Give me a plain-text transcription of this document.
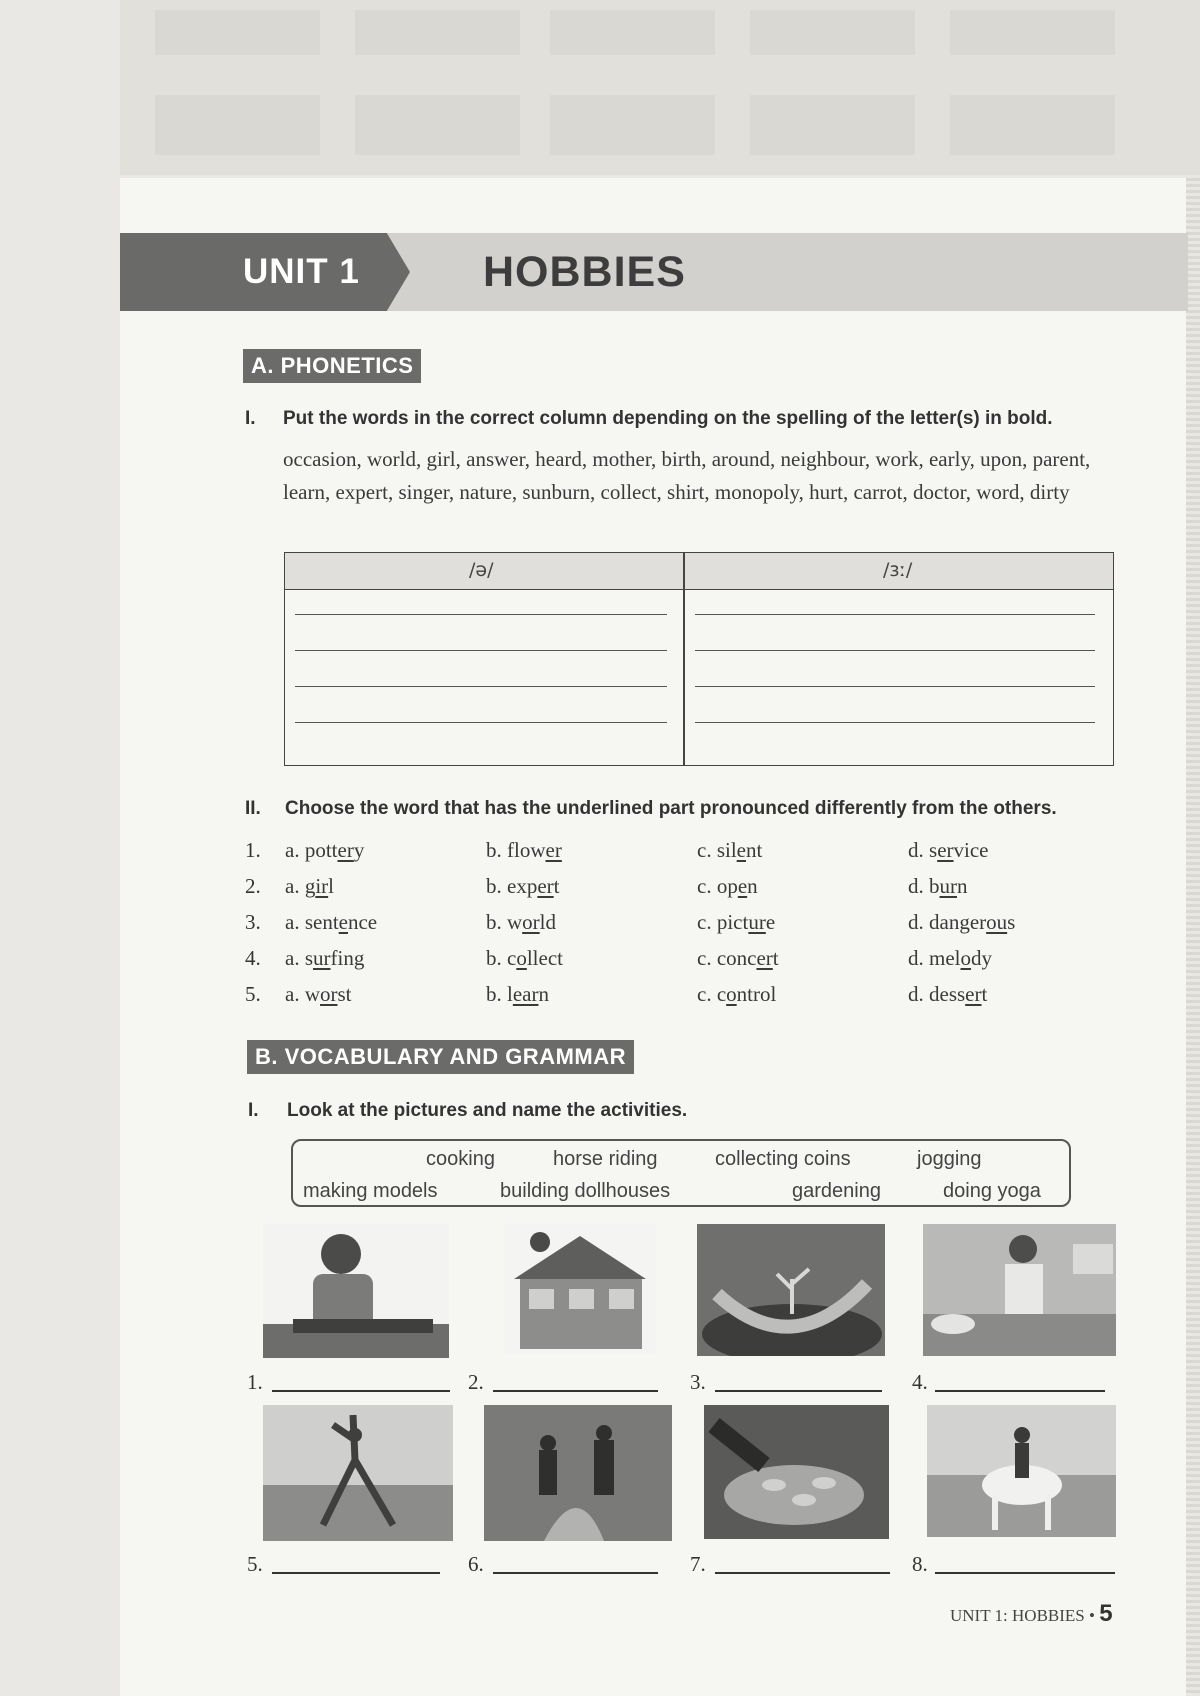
UNIT 1	HOBBIES
A. PHONETICS
I. Put the words in the correct column depending on the spelling of the letter(s) in bold.
occasion, world, girl, answer, heard, mother, birth, around, neighbour, work, early, upon, parent, learn, expert, singer, nature, sunburn, collect, shirt, monopoly, hurt, carrot, doctor, word, dirty
/ə/	/ɜː/
II. Choose the word that has the underlined part pronounced differently from the others.
1. a. pottery	b. flower	c. silent	d. service
2. a. girl	b. expert	c. open	d. burn
3. a. sentence	b. world	c. picture	d. dangerous
4. a. surfing	b. collect	c. concert	d. melody
5. a. worst	b. learn	c. control	d. dessert
B. VOCABULARY AND GRAMMAR
I. Look at the pictures and name the activities.
cooking	horse riding	collecting coins	jogging
making models	building dollhouses	gardening	doing yoga
1.	2.	3.	4.
5.	6.	7.	8.
UNIT 1: HOBBIES • 5
